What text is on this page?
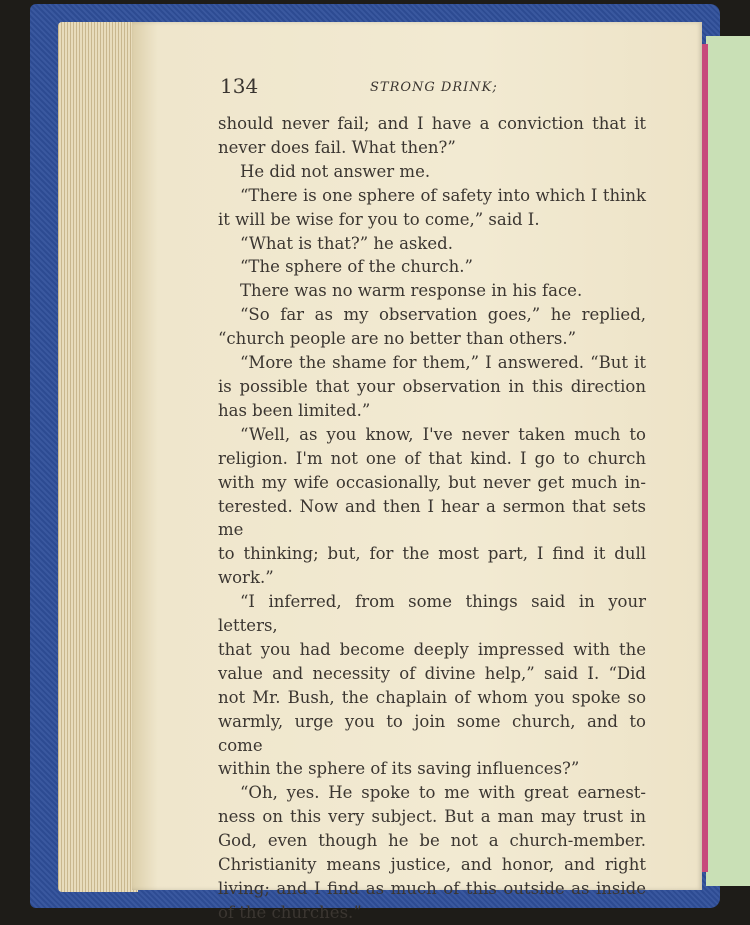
134	STRONG DRINK;

should never fail; and I have a conviction that it

never does fail. What then?”

He did not answer me.

“There is one sphere of safety into which I think

it will be wise for you to come,” said I.

“What is that?” he asked.

“The sphere of the church.”

There was no warm response in his face.

“So far as my observation goes,” he replied,

“church people are no better than others.”

“More the shame for them,” I answered. “But it

is possible that your observation in this direction

has been limited.”

“Well, as you know, I've never taken much to

religion. I'm not one of that kind. I go to church

with my wife occasionally, but never get much in-

terested. Now and then I hear a sermon that sets me

to thinking; but, for the most part, I find it dull work.”

“I inferred, from some things said in your letters,

that you had become deeply impressed with the

value and necessity of divine help,” said I. “Did

not Mr. Bush, the chaplain of whom you spoke so

warmly, urge you to join some church, and to come

within the sphere of its saving influences?”

“Oh, yes. He spoke to me with great earnest-

ness on this very subject. But a man may trust in

God, even though he be not a church-member.

Christianity means justice, and honor, and right

living; and I find as much of this outside as inside

of the churches.”
